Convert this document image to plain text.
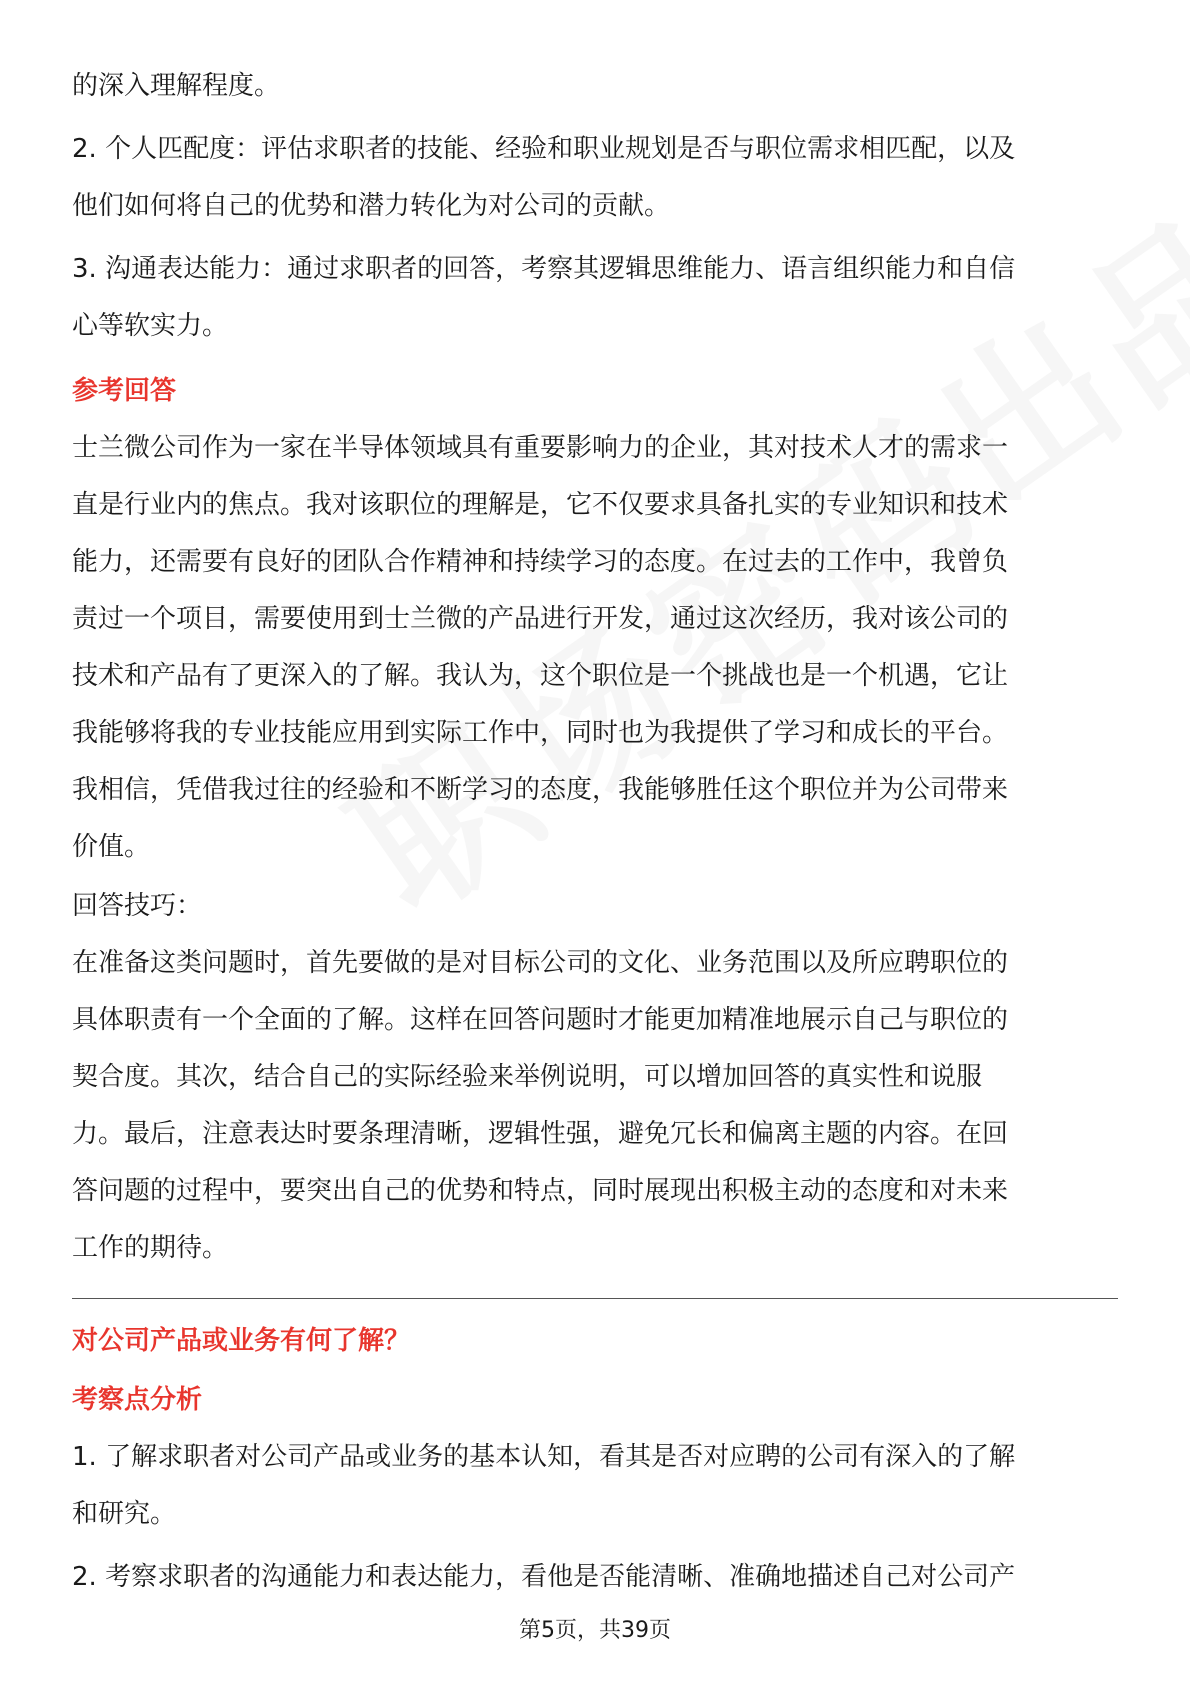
的深入理解程度。

2. 个人匹配度：评估求职者的技能、经验和职业规划是否与职位需求相匹配，以及

他们如何将自己的优势和潜力转化为对公司的贡献。

3. 沟通表达能力：通过求职者的回答，考察其逻辑思维能力、语言组织能力和自信

心等软实力。

参考回答

士兰微公司作为一家在半导体领域具有重要影响力的企业，其对技术人才的需求一

直是行业内的焦点。我对该职位的理解是，它不仅要求具备扎实的专业知识和技术

能力，还需要有良好的团队合作精神和持续学习的态度。在过去的工作中，我曾负

责过一个项目，需要使用到士兰微的产品进行开发，通过这次经历，我对该公司的

技术和产品有了更深入的了解。我认为，这个职位是一个挑战也是一个机遇，它让

我能够将我的专业技能应用到实际工作中，同时也为我提供了学习和成长的平台。

我相信，凭借我过往的经验和不断学习的态度，我能够胜任这个职位并为公司带来

价值。

回答技巧：

在准备这类问题时，首先要做的是对目标公司的文化、业务范围以及所应聘职位的

具体职责有一个全面的了解。这样在回答问题时才能更加精准地展示自己与职位的

契合度。其次，结合自己的实际经验来举例说明，可以增加回答的真实性和说服

力。最后，注意表达时要条理清晰，逻辑性强，避免冗长和偏离主题的内容。在回

答问题的过程中，要突出自己的优势和特点，同时展现出积极主动的态度和对未来

工作的期待。

对公司产品或业务有何了解？
考察点分析

1. 了解求职者对公司产品或业务的基本认知，看其是否对应聘的公司有深入的了解

和研究。

2. 考察求职者的沟通能力和表达能力，看他是否能清晰、准确地描述自己对公司产

第5页，共39页
